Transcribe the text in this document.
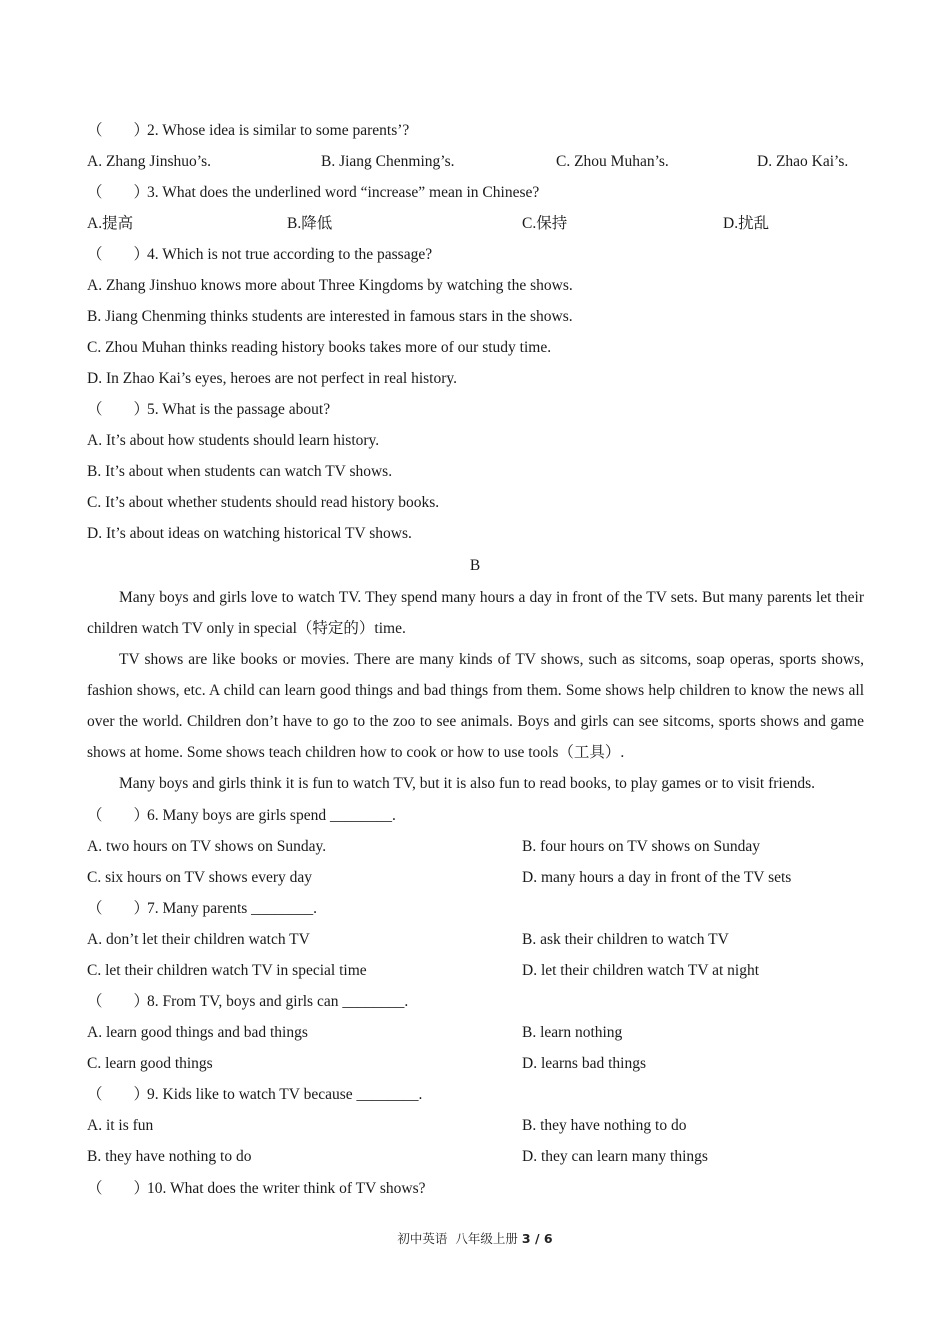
（　　）2. Whose idea is similar to some parents’?
A. Zhang Jinshuo’s.	B. Jiang Chenming’s.	C. Zhou Muhan’s.	D. Zhao Kai’s.
（　　）3. What does the underlined word “increase” mean in Chinese?
A.提高	B.降低	C.保持	D.扰乱
（　　）4. Which is not true according to the passage?
A. Zhang Jinshuo knows more about Three Kingdoms by watching the shows.
B. Jiang Chenming thinks students are interested in famous stars in the shows.
C. Zhou Muhan thinks reading history books takes more of our study time.
D. In Zhao Kai’s eyes, heroes are not perfect in real history.
（　　）5. What is the passage about?
A. It’s about how students should learn history.
B. It’s about when students can watch TV shows.
C. It’s about whether students should read history books.
D. It’s about ideas on watching historical TV shows.
B
Many boys and girls love to watch TV. They spend many hours a day in front of the TV sets. But many parents let their children watch TV only in special（特定的）time.
TV shows are like books or movies. There are many kinds of TV shows, such as sitcoms, soap operas, sports shows, fashion shows, etc. A child can learn good things and bad things from them. Some shows help children to know the news all over the world. Children don’t have to go to the zoo to see animals. Boys and girls can see sitcoms, sports shows and game shows at home. Some shows teach children how to cook or how to use tools（工具）.
Many boys and girls think it is fun to watch TV, but it is also fun to read books, to play games or to visit friends.
（　　）6. Many boys are girls spend ________.
A. two hours on TV shows on Sunday.	B. four hours on TV shows on Sunday
C. six hours on TV shows every day	D. many hours a day in front of the TV sets
（　　）7. Many parents ________.
A. don’t let their children watch TV	B. ask their children to watch TV
C. let their children watch TV in special time	D. let their children watch TV at night
（　　）8. From TV, boys and girls can ________.
A. learn good things and bad things	B. learn nothing
C. learn good things	D. learns bad things
（　　）9. Kids like to watch TV because ________.
A. it is fun	B. they have nothing to do
B. they have nothing to do	D. they can learn many things
（　　）10. What does the writer think of TV shows?
初中英语 八年级上册 3 / 6
